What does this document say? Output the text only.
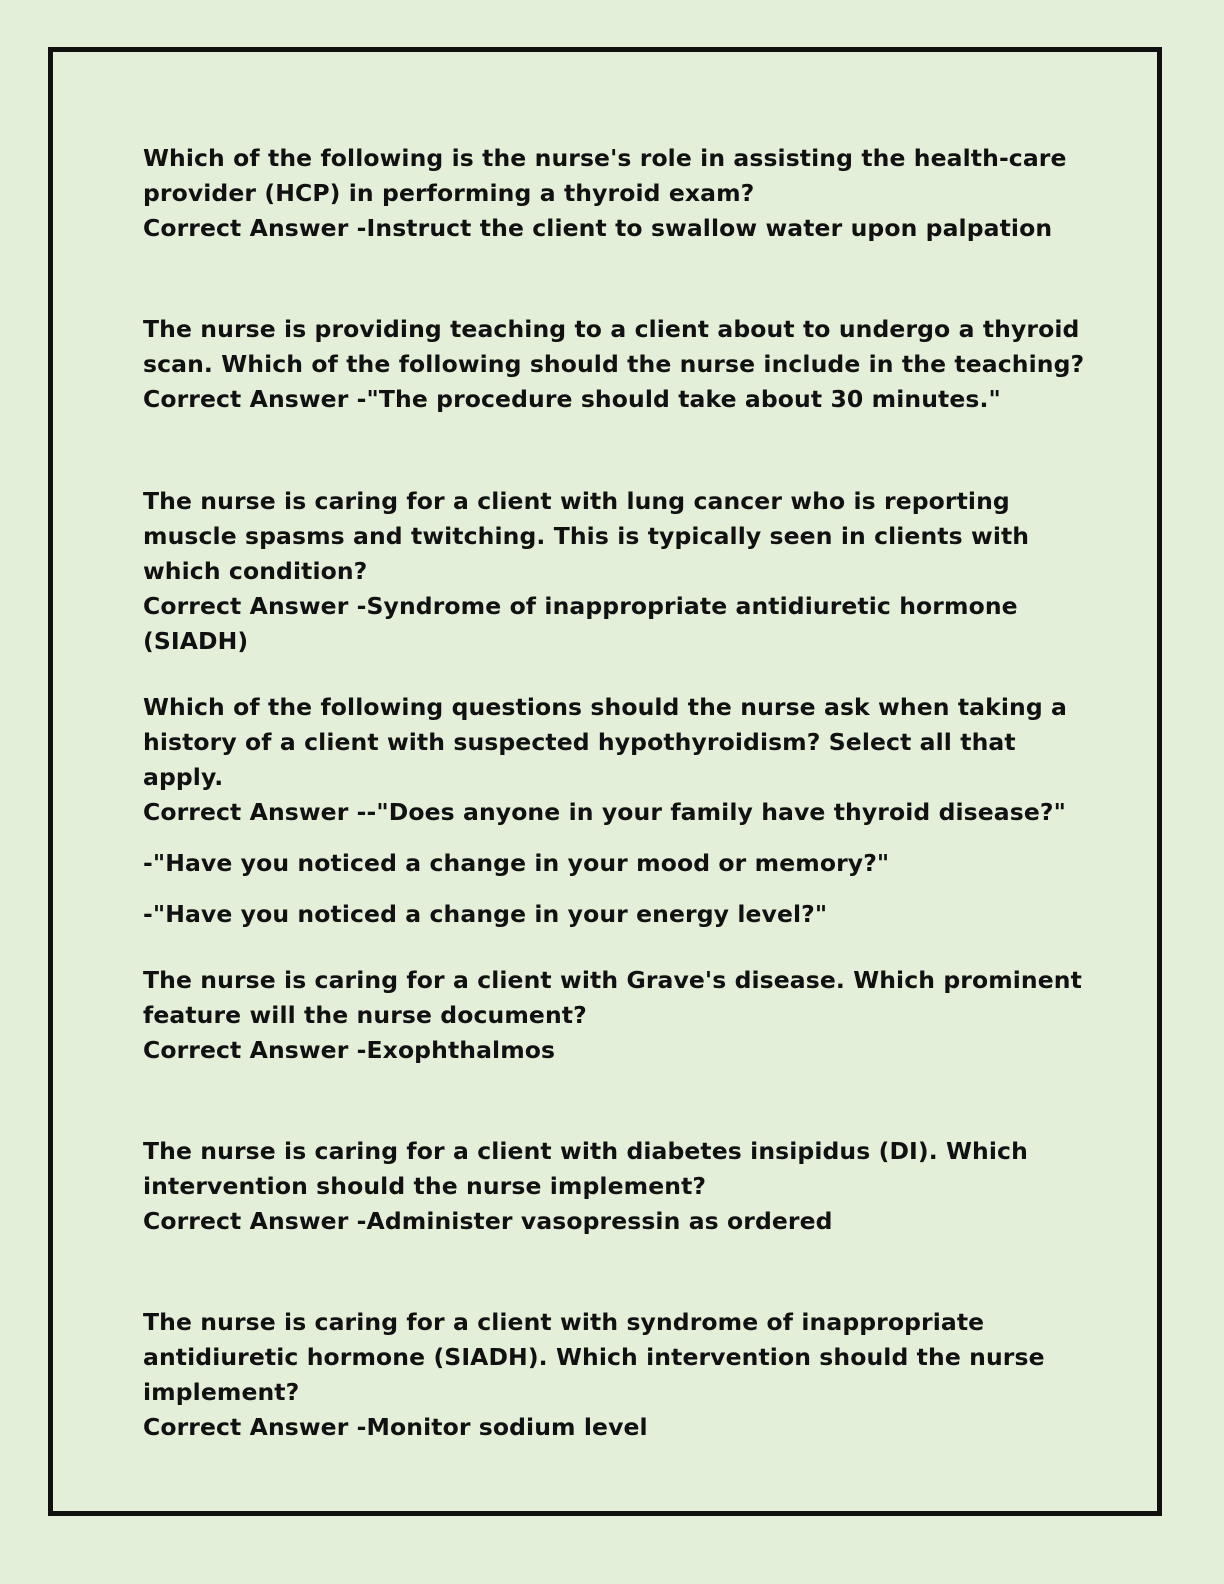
Which of the following is the nurse's role in assisting the health-care provider (HCP) in performing a thyroid exam?

Correct Answer -Instruct the client to swallow water upon palpation

The nurse is providing teaching to a client about to undergo a thyroid scan. Which of the following should the nurse include in the teaching?

Correct Answer -"The procedure should take about 30 minutes."

The nurse is caring for a client with lung cancer who is reporting muscle spasms and twitching. This is typically seen in clients with which condition?

Correct Answer -Syndrome of inappropriate antidiuretic hormone (SIADH)

Which of the following questions should the nurse ask when taking a history of a client with suspected hypothyroidism? Select all that apply.

Correct Answer --"Does anyone in your family have thyroid disease?"

-"Have you noticed a change in your mood or memory?"

-"Have you noticed a change in your energy level?"

The nurse is caring for a client with Grave's disease. Which prominent feature will the nurse document?

Correct Answer -Exophthalmos

The nurse is caring for a client with diabetes insipidus (DI). Which intervention should the nurse implement?

Correct Answer -Administer vasopressin as ordered

The nurse is caring for a client with syndrome of inappropriate antidiuretic hormone (SIADH). Which intervention should the nurse implement?

Correct Answer -Monitor sodium level
